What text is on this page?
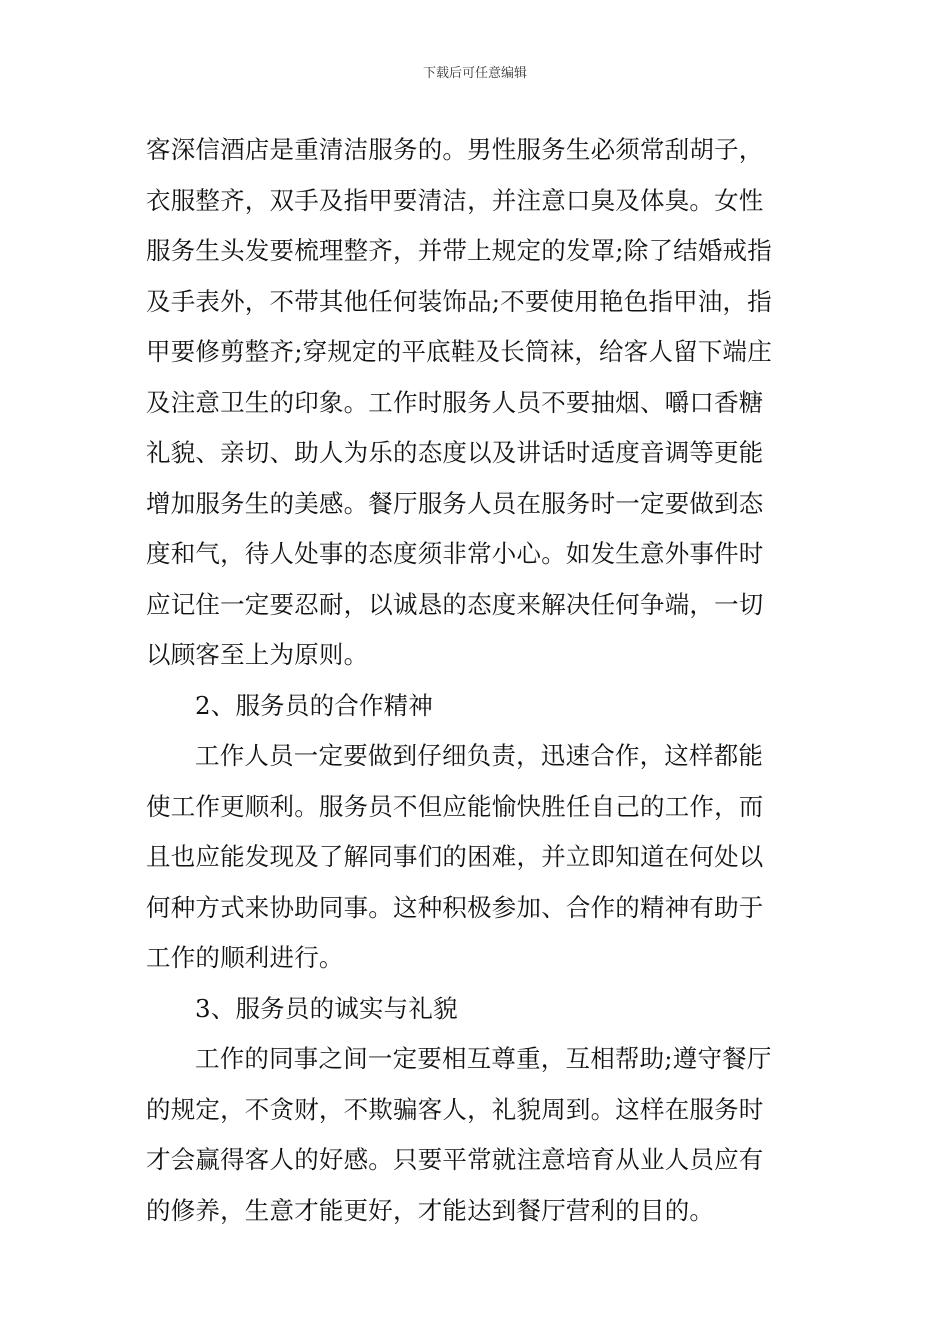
下载后可任意编辑
客深信酒店是重清洁服务的。男性服务生必须常刮胡子，
衣服整齐，双手及指甲要清洁，并注意口臭及体臭。女性
服务生头发要梳理整齐，并带上规定的发罩;除了结婚戒指
及手表外，不带其他任何装饰品;不要使用艳色指甲油，指
甲要修剪整齐;穿规定的平底鞋及长筒袜，给客人留下端庄
及注意卫生的印象。工作时服务人员不要抽烟、嚼口香糖
礼貌、亲切、助人为乐的态度以及讲话时适度音调等更能
增加服务生的美感。餐厅服务人员在服务时一定要做到态
度和气，待人处事的态度须非常小心。如发生意外事件时
应记住一定要忍耐，以诚恳的态度来解决任何争端，一切
以顾客至上为原则。
2、服务员的合作精神
工作人员一定要做到仔细负责，迅速合作，这样都能
使工作更顺利。服务员不但应能愉快胜任自己的工作，而
且也应能发现及了解同事们的困难，并立即知道在何处以
何种方式来协助同事。这种积极参加、合作的精神有助于
工作的顺利进行。
3、服务员的诚实与礼貌
工作的同事之间一定要相互尊重，互相帮助;遵守餐厅
的规定，不贪财，不欺骗客人，礼貌周到。这样在服务时
才会赢得客人的好感。只要平常就注意培育从业人员应有
的修养，生意才能更好，才能达到餐厅营利的目的。
